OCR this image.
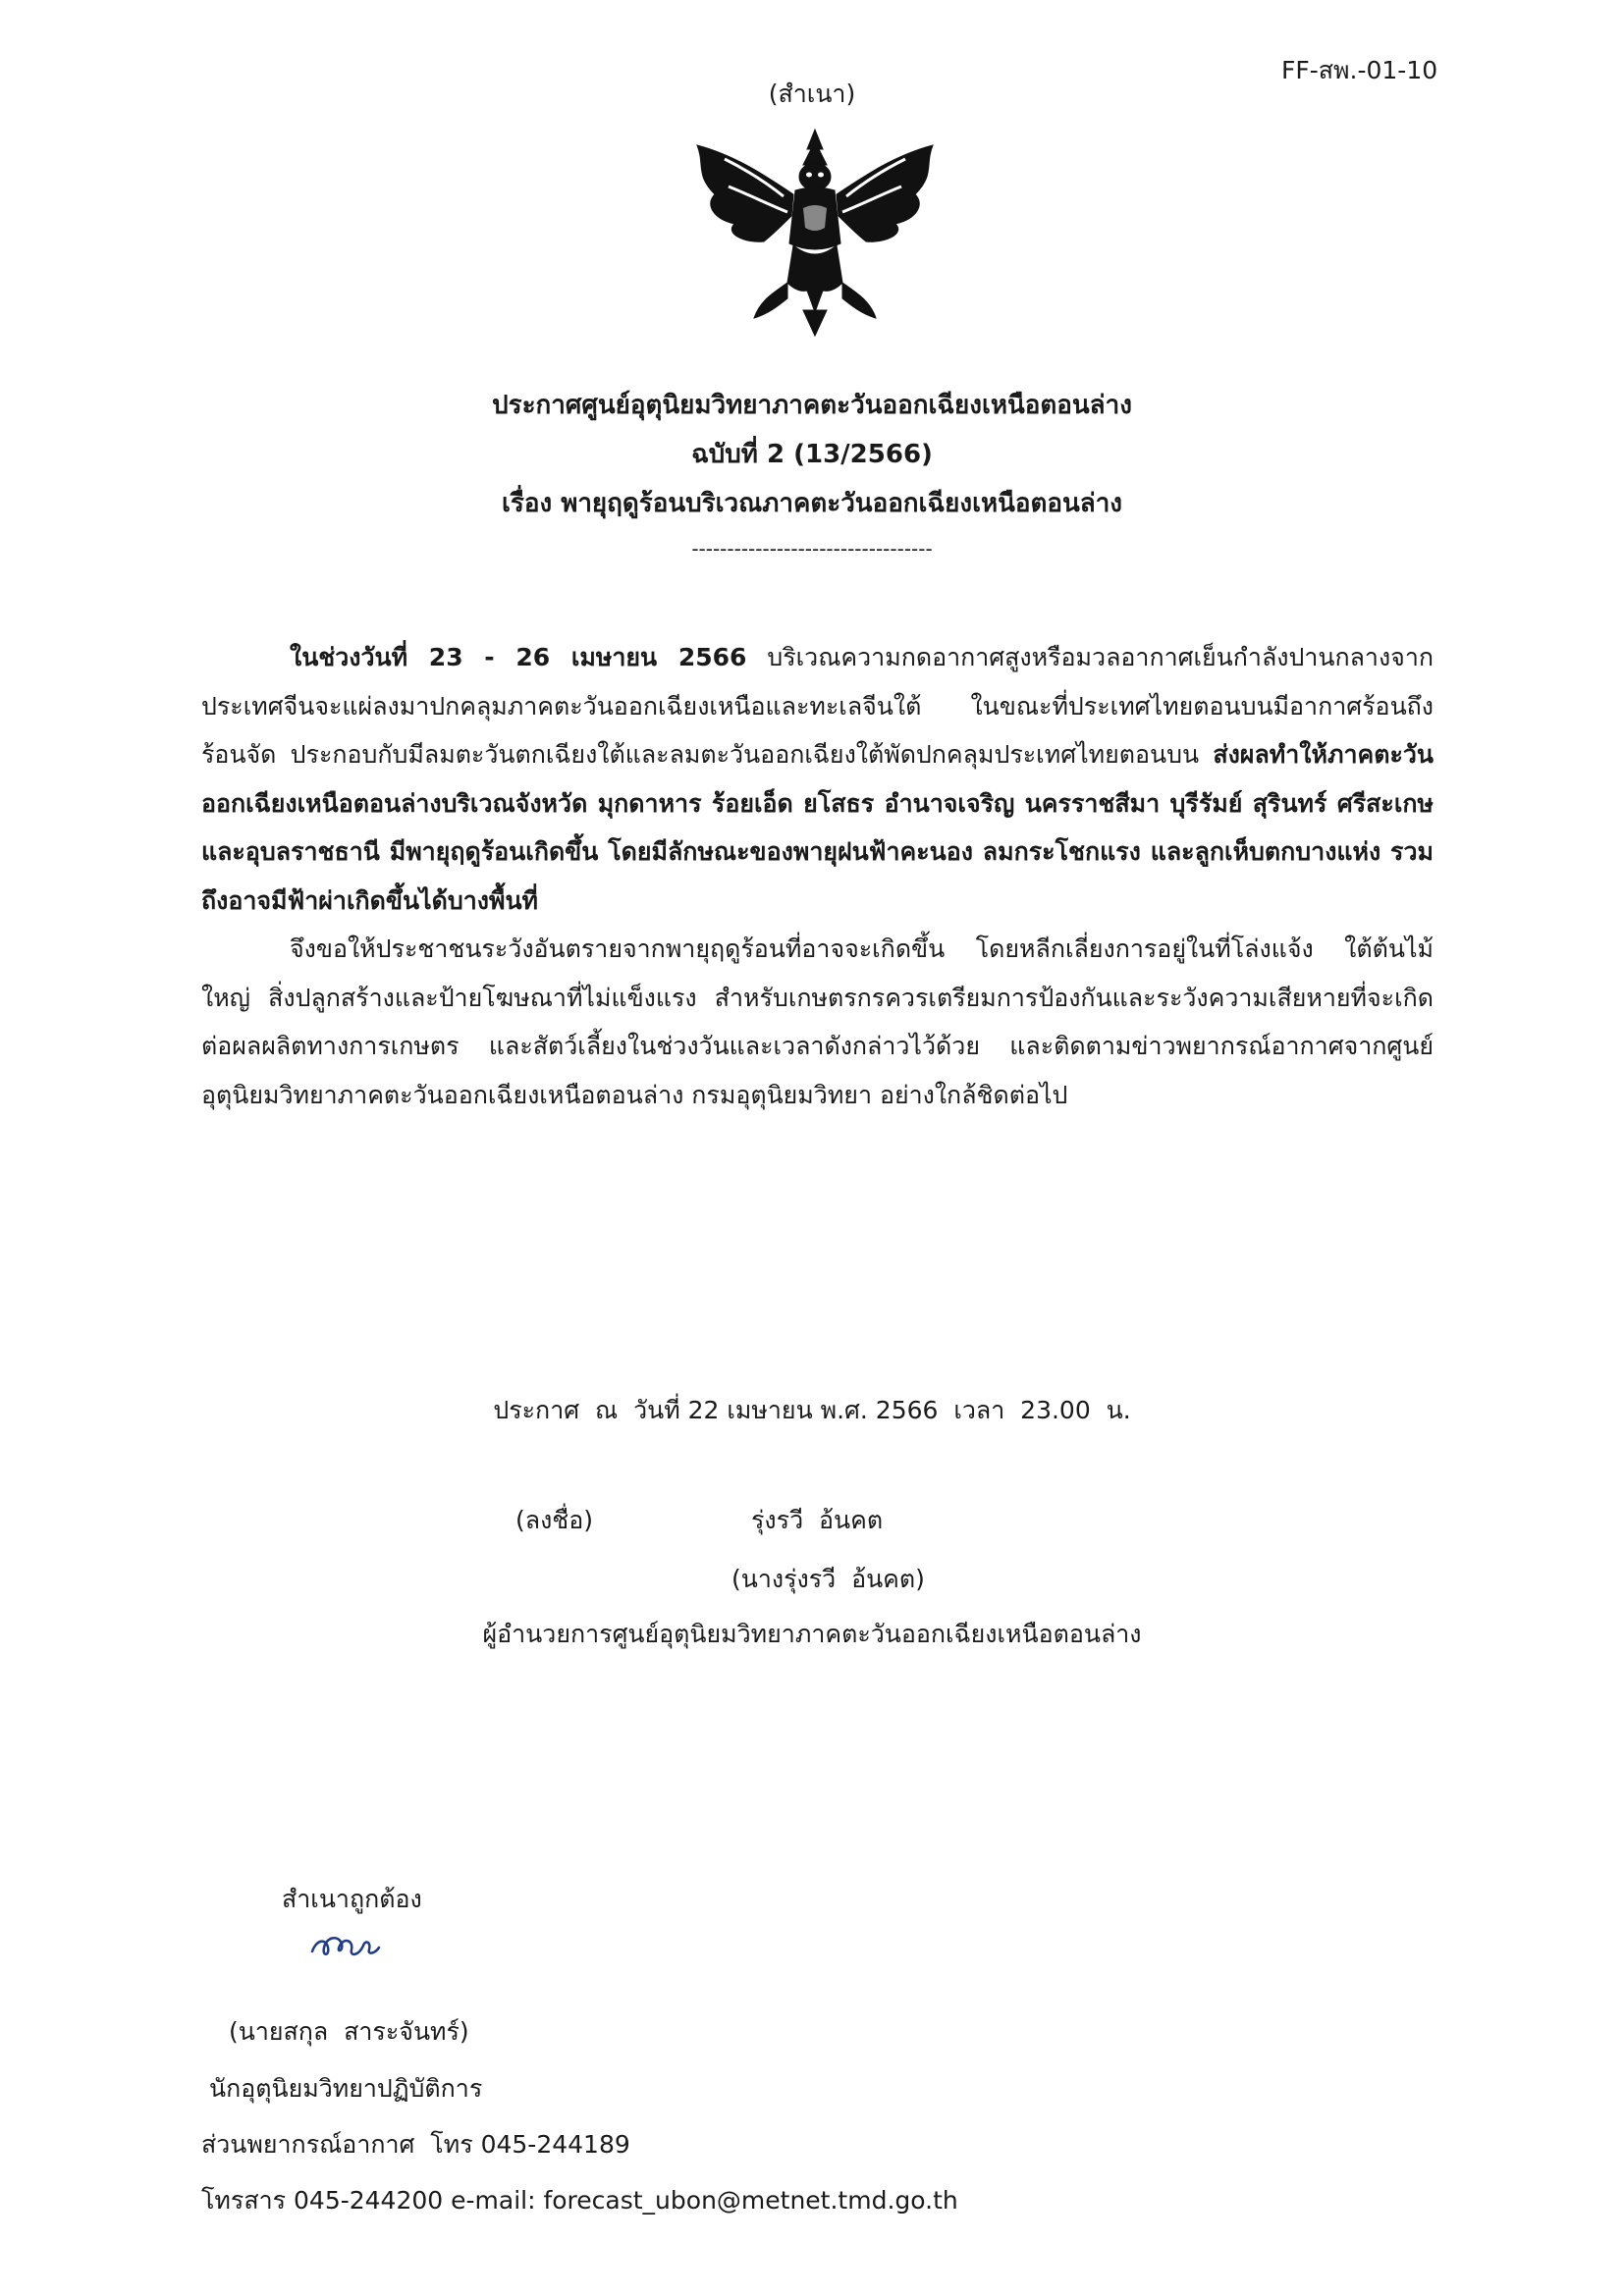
FF-สพ.-01-10
(สำเนา)
ประกาศศูนย์อุตุนิยมวิทยาภาคตะวันออกเฉียงเหนือตอนล่าง
ฉบับที่ 2 (13/2566)
เรื่อง พายุฤดูร้อนบริเวณภาคตะวันออกเฉียงเหนือตอนล่าง
----------------------------------

ในช่วงวันที่ 23 - 26 เมษายน 2566 บริเวณความกดอากาศสูงหรือมวลอากาศเย็นกำลังปานกลางจากประเทศจีนจะแผ่ลงมาปกคลุมภาคตะวันออกเฉียงเหนือและทะเลจีนใต้ ในขณะที่ประเทศไทยตอนบนมีอากาศร้อนถึงร้อนจัด ประกอบกับมีลมตะวันตกเฉียงใต้และลมตะวันออกเฉียงใต้พัดปกคลุมประเทศไทยตอนบน ส่งผลทำให้ภาคตะวันออกเฉียงเหนือตอนล่างบริเวณจังหวัด มุกดาหาร ร้อยเอ็ด ยโสธร อำนาจเจริญ นครราชสีมา บุรีรัมย์ สุรินทร์ ศรีสะเกษ และอุบลราชธานี มีพายุฤดูร้อนเกิดขึ้น โดยมีลักษณะของพายุฝนฟ้าคะนอง ลมกระโชกแรง และลูกเห็บตกบางแห่ง รวมถึงอาจมีฟ้าผ่าเกิดขึ้นได้บางพื้นที่

จึงขอให้ประชาชนระวังอันตรายจากพายุฤดูร้อนที่อาจจะเกิดขึ้น โดยหลีกเลี่ยงการอยู่ในที่โล่งแจ้ง ใต้ต้นไม้ใหญ่ สิ่งปลูกสร้างและป้ายโฆษณาที่ไม่แข็งแรง สำหรับเกษตรกรควรเตรียมการป้องกันและระวังความเสียหายที่จะเกิดต่อผลผลิตทางการเกษตร และสัตว์เลี้ยงในช่วงวันและเวลาดังกล่าวไว้ด้วย และติดตามข่าวพยากรณ์อากาศจากศูนย์อุตุนิยมวิทยาภาคตะวันออกเฉียงเหนือตอนล่าง กรมอุตุนิยมวิทยา อย่างใกล้ชิดต่อไป

ประกาศ  ณ  วันที่ 22 เมษายน พ.ศ. 2566  เวลา  23.00  น.
(ลงชื่อ)	รุ่งรวี  อ้นคต
(นางรุ่งรวี  อ้นคต)
ผู้อำนวยการศูนย์อุตุนิยมวิทยาภาคตะวันออกเฉียงเหนือตอนล่าง
สำเนาถูกต้อง
(นายสกุล  สาระจันทร์)
นักอุตุนิยมวิทยาปฏิบัติการ
ส่วนพยากรณ์อากาศ  โทร 045-244189
โทรสาร 045-244200 e-mail: forecast_ubon@metnet.tmd.go.th
